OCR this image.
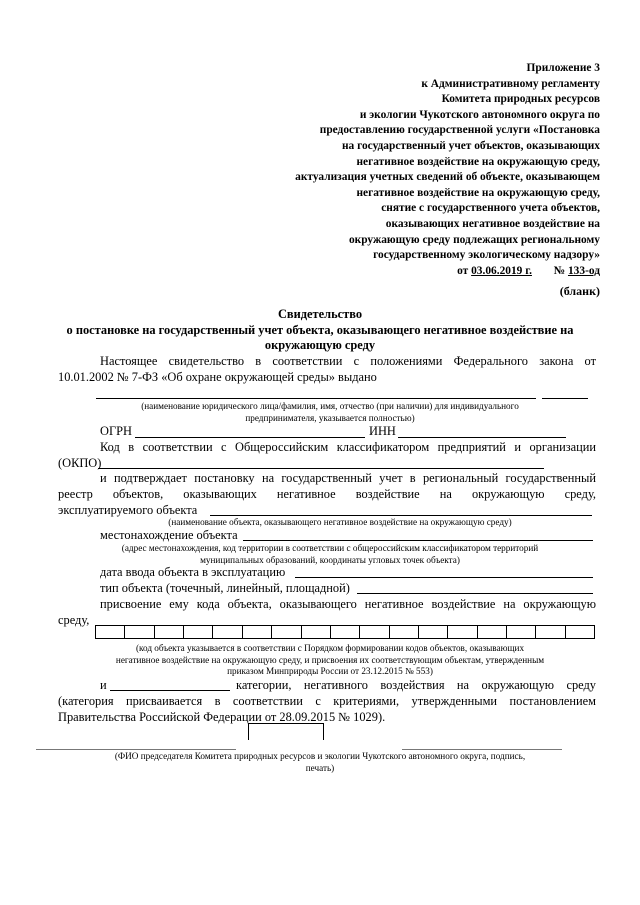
Приложение 3
к Административному регламенту
Комитета природных ресурсов
и экологии Чукотского автономного округа по
предоставлению государственной услуги «Постановка
на государственный учет объектов, оказывающих
негативное воздействие на окружающую среду,
актуализация учетных сведений об объекте, оказывающем
негативное воздействие на окружающую среду,
снятие с государственного учета объектов,
оказывающих негативное воздействие на
окружающую среду подлежащих региональному
государственному экологическому надзору»
от 03.06.2019 г. № 133-од
(бланк)
Свидетельство
о постановке на государственный учет объекта, оказывающего негативное воздействие на
окружающую среду
Настоящее свидетельство в соответствии с положениями Федерального закона от
10.01.2002 № 7-ФЗ «Об охране окружающей среды» выдано
(наименование юридического лица/фамилия, имя, отчество (при наличии) для индивидуального
предпринимателя, указывается полностью)
ОГРН	ИНН
Код в соответствии с Общероссийским классификатором предприятий и организации
(ОКПО)
и подтверждает постановку на государственный учет в региональный государственный
реестр объектов, оказывающих негативное воздействие на окружающую среду,
эксплуатируемого объекта
(наименование объекта, оказывающего негативное воздействие на окружающую среду)
местонахождение объекта
(адрес местонахождения, код территории в соответствии с общероссийским классификатором территорий
муниципальных образований, координаты угловых точек объекта)
дата ввода объекта в эксплуатацию
тип объекта (точечный, линейный, площадной)
присвоение ему кода объекта, оказывающего негативное воздействие на окружающую
среду,
(код объекта указывается в соответствии с Порядком формировании кодов объектов, оказывающих
негативное воздействие на окружающую среду, и присвоения их соответствующим объектам, утвержденным
приказом Минприроды России от 23.12.2015 № 553)
и	категории, негативного воздействия на окружающую среду
(категория присваивается в соответствии с критериями, утвержденными постановлением
Правительства Российской Федерации от 28.09.2015 № 1029).
(ФИО председателя Комитета природных ресурсов и экологии Чукотского автономного округа, подпись,
печать)
